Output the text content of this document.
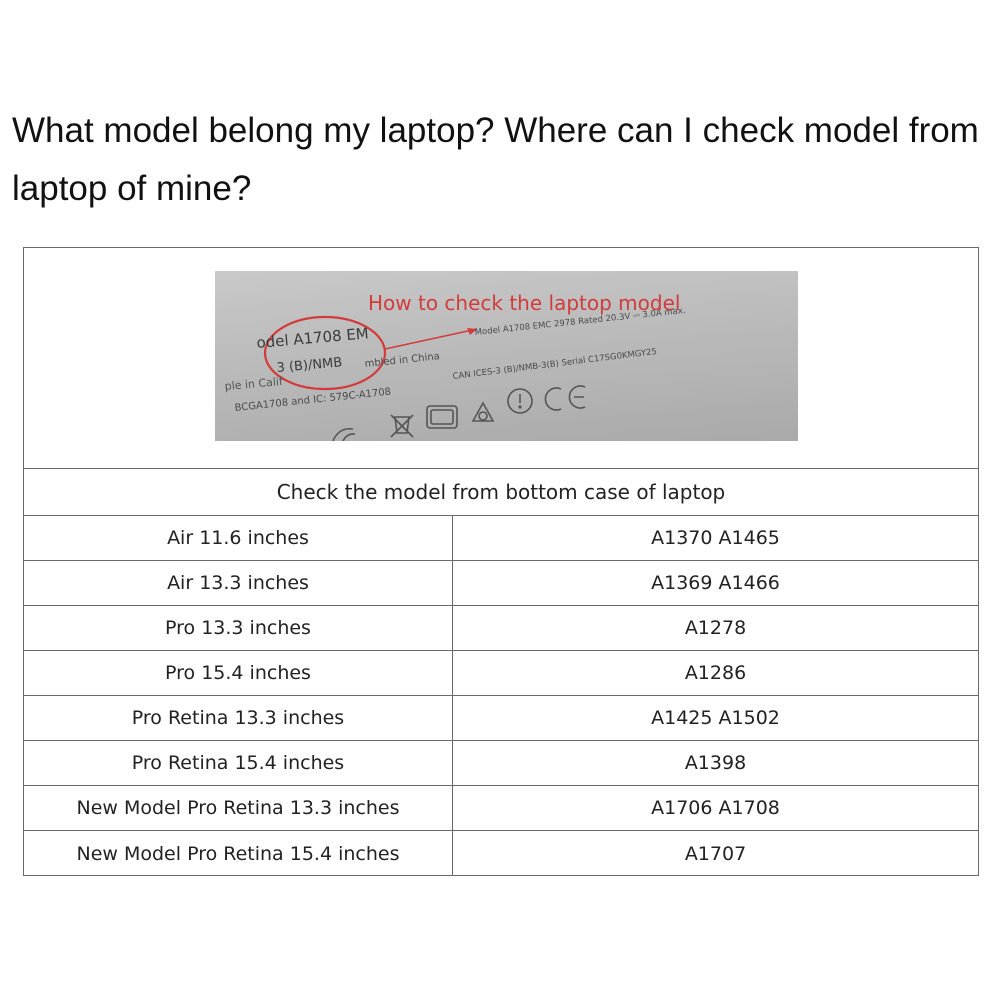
What model belong my laptop? Where can I check model from laptop of mine?
How to check the laptop model
odel A1708 EM
Model A1708 EMC 2978 Rated 20.3V ⎓ 3.0A max.
3 (B)/NMB mbled in China
ple in Calif
CAN ICES-3 (B)/NMB-3(B) Serial C17SG0KMGY25
BCGA1708 and IC: 579C-A1708
Check the model from bottom case of laptop
Air 11.6 inches	A1370 A1465
Air 13.3 inches	A1369 A1466
Pro 13.3 inches	A1278
Pro 15.4 inches	A1286
Pro Retina 13.3 inches	A1425 A1502
Pro Retina 15.4 inches	A1398
New Model Pro Retina 13.3 inches	A1706 A1708
New Model Pro Retina 15.4 inches	A1707
